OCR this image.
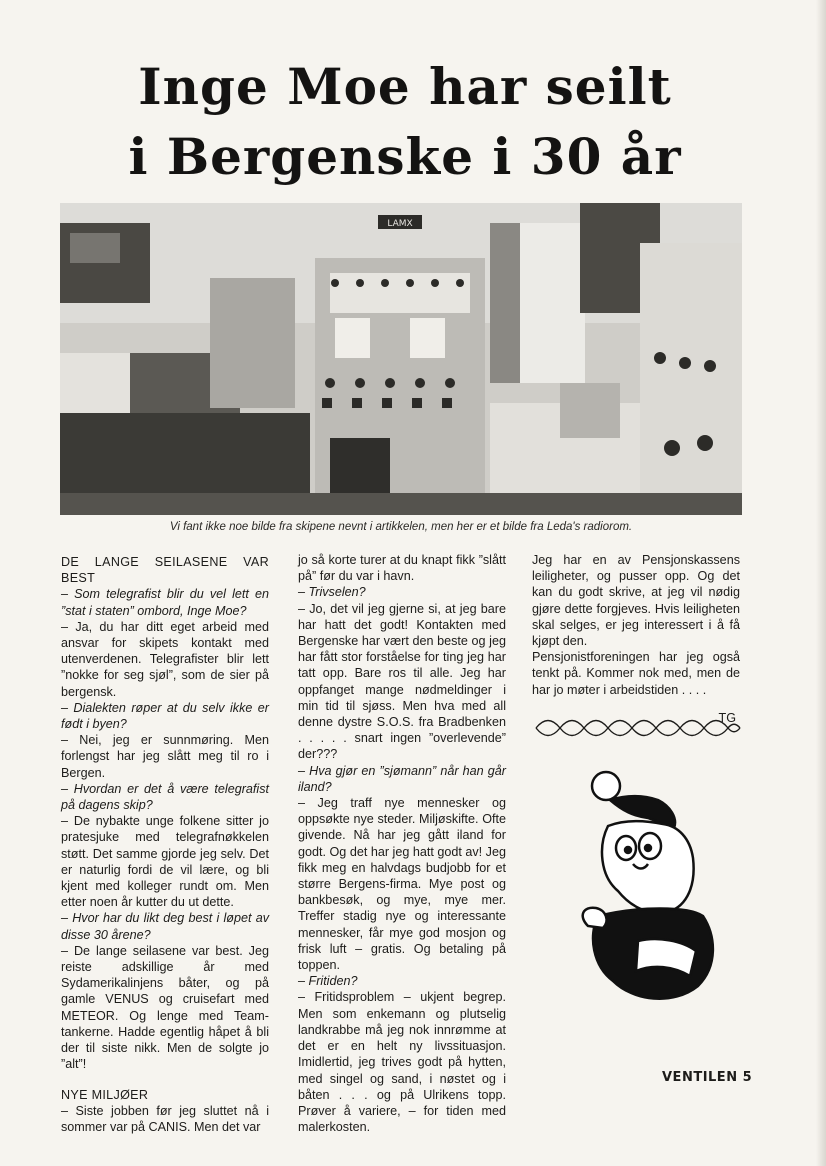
Inge Moe har seilt
i Bergenske i 30 år
LAMX
Vi fant ikke noe bilde fra skipene nevnt i artikkelen, men her er et bilde fra Leda's radiorom.

DE LANGE SEILASENE VAR BEST

– Som telegrafist blir du vel lett en ”stat i staten” ombord, Inge Moe?

– Ja, du har ditt eget arbeid med ansvar for skipets kontakt med utenverdenen. Telegrafister blir lett ”nokke for seg sjøl”, som de sier på bergensk.

– Dialekten røper at du selv ikke er født i byen?

– Nei, jeg er sunnmøring. Men forlengst har jeg slått meg til ro i Bergen.

– Hvordan er det å være telegrafist på dagens skip?

– De nybakte unge folkene sitter jo pratesjuke med telegrafnøkkelen støtt. Det samme gjorde jeg selv. Det er naturlig fordi de vil lære, og bli kjent med kolleger rundt om. Men etter noen år kutter du ut dette.

– Hvor har du likt deg best i løpet av disse 30 årene?

– De lange seilasene var best. Jeg reiste adskillige år med Sydamerikalinjens båter, og på gamle VENUS og cruisefart med METEOR. Og lenge med Team-tankerne. Hadde egentlig håpet å bli der til siste nikk. Men de solgte jo ”alt”!

NYE MILJØER

– Siste jobben før jeg sluttet nå i sommer var på CANIS. Men det var

jo så korte turer at du knapt fikk ”slått på” før du var i havn.

– Trivselen?

– Jo, det vil jeg gjerne si, at jeg bare har hatt det godt! Kontakten med Bergenske har vært den beste og jeg har fått stor forståelse for ting jeg har tatt opp. Bare ros til alle. Jeg har oppfanget mange nødmeldinger i min tid til sjøss. Men hva med all denne dystre S.O.S. fra Bradbenken . . . . . snart ingen ”overlevende” der???

– Hva gjør en ”sjømann” når han går iland?

– Jeg traff nye mennesker og oppsøkte nye steder. Miljøskifte. Ofte givende. Nå har jeg gått iland for godt. Og det har jeg hatt godt av! Jeg fikk meg en halvdags budjobb for et større Bergens-firma. Mye post og bankbesøk, og mye, mye mer. Treffer stadig nye og interessante mennesker, får mye god mosjon og frisk luft – gratis. Og betaling på toppen.

– Fritiden?

– Fritidsproblem – ukjent begrep. Men som enkemann og plutselig landkrabbe må jeg nok innrømme at det er en helt ny livssituasjon. Imidlertid, jeg trives godt på hytten, med singel og sand, i nøstet og i båten . . . og på Ulrikens topp. Prøver å variere, – for tiden med malerkosten.

Jeg har en av Pensjonskassens leiligheter, og pusser opp. Og det kan du godt skrive, at jeg vil nødig gjøre dette forgjeves. Hvis leiligheten skal selges, er jeg interessert i å få kjøpt den.

Pensjonistforeningen har jeg også tenkt på. Kommer nok med, men de har jo møter i arbeidstiden . . . .

TG

VENTILEN 5
